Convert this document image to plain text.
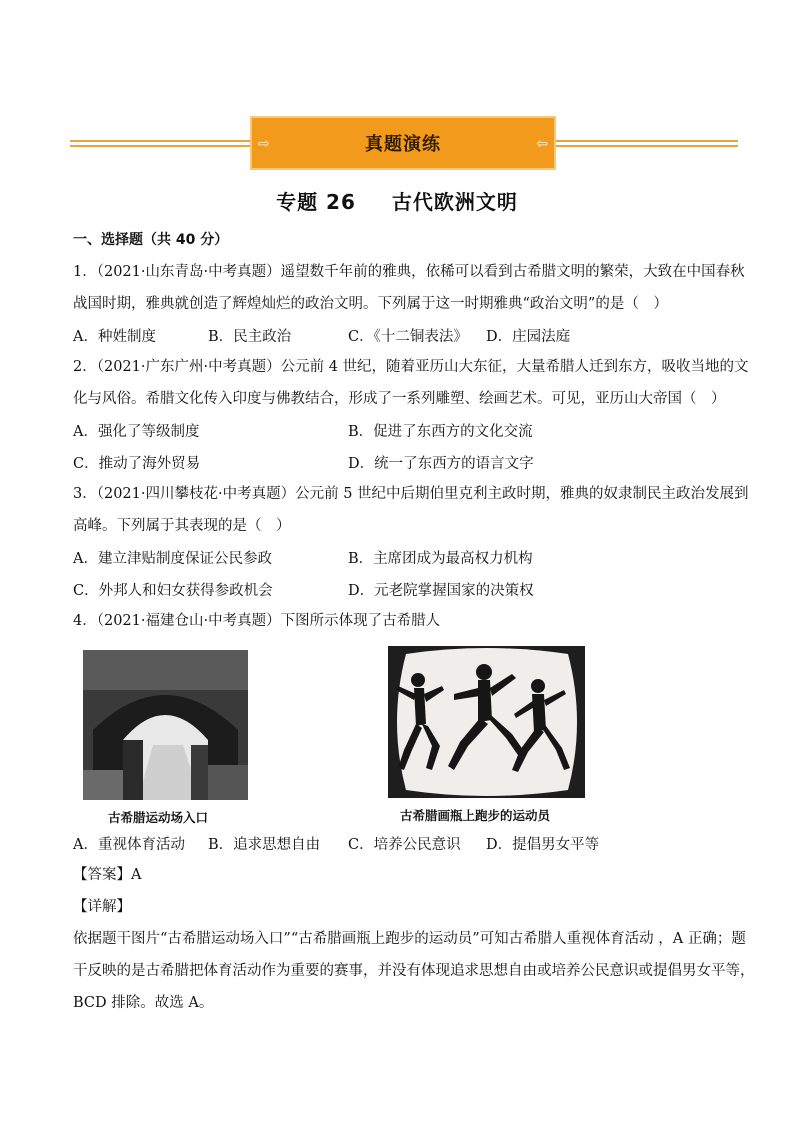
⇨	真题演练	⇦
专题 26 古代欧洲文明
一、选择题（共 40 分）
1．（2021·山东青岛·中考真题）遥望数千年前的雅典，依稀可以看到古希腊文明的繁荣，大致在中国春秋
战国时期，雅典就创造了辉煌灿烂的政治文明。下列属于这一时期雅典“政治文明”的是（　）
A．种姓制度	B．民主政治	C．《十二铜表法》 D．庄园法庭
2．（2021·广东广州·中考真题）公元前 4 世纪，随着亚历山大东征，大量希腊人迁到东方，吸收当地的文
化与风俗。希腊文化传入印度与佛教结合，形成了一系列雕塑、绘画艺术。可见，亚历山大帝国（　）
A．强化了等级制度	B．促进了东西方的文化交流
C．推动了海外贸易	D．统一了东西方的语言文字
3．（2021·四川攀枝花·中考真题）公元前 5 世纪中后期伯里克利主政时期，雅典的奴隶制民主政治发展到
高峰。下列属于其表现的是（　）
A．建立津贴制度保证公民参政	B．主席团成为最高权力机构
C．外邦人和妇女获得参政机会	D．元老院掌握国家的决策权
4．（2021·福建仓山·中考真题）下图所示体现了古希腊人
古希腊运动场入口	古希腊画瓶上跑步的运动员
A．重视体育活动 B．追求思想自由 C．培养公民意识 D．提倡男女平等
【答案】A
【详解】
依据题干图片“古希腊运动场入口”“古希腊画瓶上跑步的运动员”可知古希腊人重视体育活动 ，A 正确；题
干反映的是古希腊把体育活动作为重要的赛事，并没有体现追求思想自由或培养公民意识或提倡男女平等，
BCD 排除。故选 A。
